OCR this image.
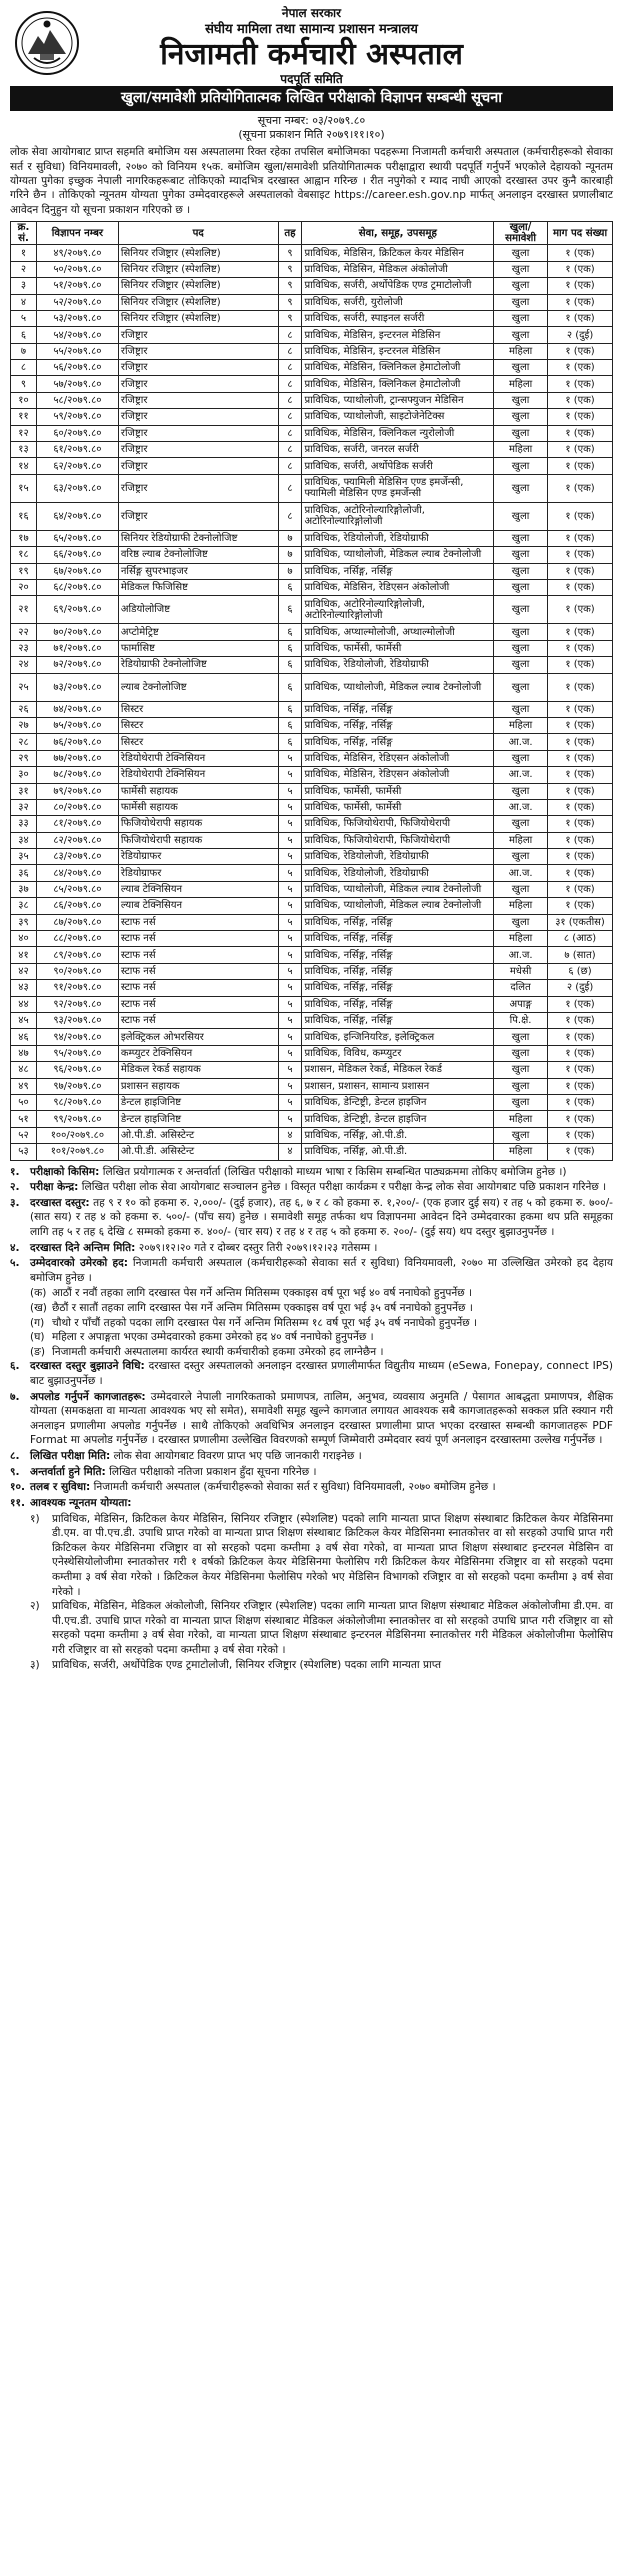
नेपाल सरकार
संघीय मामिला तथा सामान्य प्रशासन मन्त्रालय
निजामती कर्मचारी अस्पताल
पदपूर्ति समिति
खुला/समावेशी प्रतियोगितात्मक लिखित परीक्षाको विज्ञापन सम्बन्धी सूचना
सूचना नम्बर: ०३/२०७९.८०
(सूचना प्रकाशन मिति २०७९।११।१०)

लोक सेवा आयोगबाट प्राप्त सहमति बमोजिम यस अस्पतालमा रिक्त रहेका तपसिल बमोजिमका पदहरूमा निजामती कर्मचारी अस्पताल (कर्मचारीहरूको सेवाका सर्त र सुविधा) विनियमावली, २०७० को विनियम १५क. बमोजिम खुला/समावेशी प्रतियोगितात्मक परीक्षाद्वारा स्थायी पदपूर्ति गर्नुपर्ने भएकोले देहायको न्यूनतम योग्यता पुगेका इच्छुक नेपाली नागरिकहरूबाट तोकिएको म्यादभित्र दरखास्त आह्वान गरिन्छ । रीत नपुगेको र म्याद नाघी आएको दरखास्त उपर कुनै कारबाही गरिने छैन । तोकिएको न्यूनतम योग्यता पुगेका उम्मेदवारहरूले अस्पतालको वेबसाइट https://career.esh.gov.np मार्फत् अनलाइन दरखास्त प्रणालीबाट आवेदन दिनुहुन यो सूचना प्रकाशन गरिएको छ ।

क्र. सं.	विज्ञापन नम्बर	पद	तह	सेवा, समूह, उपसमूह	खुला/ समावेशी	माग पद संख्या
१	४९/२०७९.८०	सिनियर रजिष्ट्रार (स्पेशलिष्ट)	९	प्राविधिक, मेडिसिन, क्रिटिकल केयर मेडिसिन	खुला	१ (एक)
२	५०/२०७९.८०	सिनियर रजिष्ट्रार (स्पेशलिष्ट)	९	प्राविधिक, मेडिसिन, मेडिकल अंकोलोजी	खुला	१ (एक)
३	५१/२०७९.८०	सिनियर रजिष्ट्रार (स्पेशलिष्ट)	९	प्राविधिक, सर्जरी, अर्थोपेडिक एण्ड ट्रमाटोलोजी	खुला	१ (एक)
४	५२/२०७९.८०	सिनियर रजिष्ट्रार (स्पेशलिष्ट)	९	प्राविधिक, सर्जरी, युरोलोजी	खुला	१ (एक)
५	५३/२०७९.८०	सिनियर रजिष्ट्रार (स्पेशलिष्ट)	९	प्राविधिक, सर्जरी, स्पाइनल सर्जरी	खुला	१ (एक)
६	५४/२०७९.८०	रजिष्ट्रार	८	प्राविधिक, मेडिसिन, इन्टरनल मेडिसिन	खुला	२ (दुई)
७	५५/२०७९.८०	रजिष्ट्रार	८	प्राविधिक, मेडिसिन, इन्टरनल मेडिसिन	महिला	१ (एक)
८	५६/२०७९.८०	रजिष्ट्रार	८	प्राविधिक, मेडिसिन, क्लिनिकल हेमाटोलोजी	खुला	१ (एक)
९	५७/२०७९.८०	रजिष्ट्रार	८	प्राविधिक, मेडिसिन, क्लिनिकल हेमाटोलोजी	महिला	१ (एक)
१०	५८/२०७९.८०	रजिष्ट्रार	८	प्राविधिक, प्याथोलोजी, ट्रान्सफ्युजन मेडिसिन	खुला	१ (एक)
११	५९/२०७९.८०	रजिष्ट्रार	८	प्राविधिक, प्याथोलोजी, साइटोजेनेटिक्स	खुला	१ (एक)
१२	६०/२०७९.८०	रजिष्ट्रार	८	प्राविधिक, मेडिसिन, क्लिनिकल न्युरोलोजी	खुला	१ (एक)
१३	६१/२०७९.८०	रजिष्ट्रार	८	प्राविधिक, सर्जरी, जनरल सर्जरी	महिला	१ (एक)
१४	६२/२०७९.८०	रजिष्ट्रार	८	प्राविधिक, सर्जरी, अर्थोपेडिक सर्जरी	खुला	१ (एक)
१५	६३/२०७९.८०	रजिष्ट्रार	८	प्राविधिक, फ्यामिली मेडिसिन एण्ड इमर्जेन्सी, फ्यामिली मेडिसिन एण्ड इमर्जेन्सी	खुला	१ (एक)
१६	६४/२०७९.८०	रजिष्ट्रार	८	प्राविधिक, अटोरिनोल्यारिङ्गोलोजी, अटोरिनोल्यारिङ्गोलोजी	खुला	१ (एक)
१७	६५/२०७९.८०	सिनियर रेडियोग्राफी टेक्नोलोजिष्ट	७	प्राविधिक, रेडियोलोजी, रेडियोग्राफी	खुला	१ (एक)
१८	६६/२०७९.८०	वरिष्ठ ल्याब टेक्नोलोजिष्ट	७	प्राविधिक, प्याथोलोजी, मेडिकल ल्याब टेक्नोलोजी	खुला	१ (एक)
१९	६७/२०७९.८०	नर्सिङ्ग सुपरभाइजर	७	प्राविधिक, नर्सिङ्ग, नर्सिङ्ग	खुला	१ (एक)
२०	६८/२०७९.८०	मेडिकल फिजिसिष्ट	६	प्राविधिक, मेडिसिन, रेडिएसन अंकोलोजी	खुला	१ (एक)
२१	६९/२०७९.८०	अडियोलोजिष्ट	६	प्राविधिक, अटोरिनोल्यारिङ्गोलोजी, अटोरिनोल्यारिङ्गोलोजी	खुला	१ (एक)
२२	७०/२०७९.८०	अप्टोमेट्रिष्ट	६	प्राविधिक, अप्थाल्मोलोजी, अप्थाल्मोलोजी	खुला	१ (एक)
२३	७१/२०७९.८०	फार्मासिष्ट	६	प्राविधिक, फार्मेसी, फार्मेसी	खुला	१ (एक)
२४	७२/२०७९.८०	रेडियोग्राफी टेक्नोलोजिष्ट	६	प्राविधिक, रेडियोलोजी, रेडियोग्राफी	खुला	१ (एक)
२५	७३/२०७९.८०	ल्याब टेक्नोलोजिष्ट	६	प्राविधिक, प्याथोलोजी, मेडिकल ल्याब टेक्नोलोजी	खुला	१ (एक)
२६	७४/२०७९.८०	सिस्टर	६	प्राविधिक, नर्सिङ्ग, नर्सिङ्ग	खुला	१ (एक)
२७	७५/२०७९.८०	सिस्टर	६	प्राविधिक, नर्सिङ्ग, नर्सिङ्ग	महिला	१ (एक)
२८	७६/२०७९.८०	सिस्टर	६	प्राविधिक, नर्सिङ्ग, नर्सिङ्ग	आ.ज.	१ (एक)
२९	७७/२०७९.८०	रेडियोथेरापी टेक्निसियन	५	प्राविधिक, मेडिसिन, रेडिएसन अंकोलोजी	खुला	१ (एक)
३०	७८/२०७९.८०	रेडियोथेरापी टेक्निसियन	५	प्राविधिक, मेडिसिन, रेडिएसन अंकोलोजी	आ.ज.	१ (एक)
३१	७९/२०७९.८०	फार्मेसी सहायक	५	प्राविधिक, फार्मेसी, फार्मेसी	खुला	१ (एक)
३२	८०/२०७९.८०	फार्मेसी सहायक	५	प्राविधिक, फार्मेसी, फार्मेसी	आ.ज.	१ (एक)
३३	८१/२०७९.८०	फिजियोथेरापी सहायक	५	प्राविधिक, फिजियोथेरापी, फिजियोथेरापी	खुला	१ (एक)
३४	८२/२०७९.८०	फिजियोथेरापी सहायक	५	प्राविधिक, फिजियोथेरापी, फिजियोथेरापी	महिला	१ (एक)
३५	८३/२०७९.८०	रेडियोग्राफर	५	प्राविधिक, रेडियोलोजी, रेडियोग्राफी	खुला	१ (एक)
३६	८४/२०७९.८०	रेडियोग्राफर	५	प्राविधिक, रेडियोलोजी, रेडियोग्राफी	आ.ज.	१ (एक)
३७	८५/२०७९.८०	ल्याब टेक्निसियन	५	प्राविधिक, प्याथोलोजी, मेडिकल ल्याब टेक्नोलोजी	खुला	१ (एक)
३८	८६/२०७९.८०	ल्याब टेक्निसियन	५	प्राविधिक, प्याथोलोजी, मेडिकल ल्याब टेक्नोलोजी	महिला	१ (एक)
३९	८७/२०७९.८०	स्टाफ नर्स	५	प्राविधिक, नर्सिङ्ग, नर्सिङ्ग	खुला	३१ (एकतीस)
४०	८८/२०७९.८०	स्टाफ नर्स	५	प्राविधिक, नर्सिङ्ग, नर्सिङ्ग	महिला	८ (आठ)
४१	८९/२०७९.८०	स्टाफ नर्स	५	प्राविधिक, नर्सिङ्ग, नर्सिङ्ग	आ.ज.	७ (सात)
४२	९०/२०७९.८०	स्टाफ नर्स	५	प्राविधिक, नर्सिङ्ग, नर्सिङ्ग	मधेसी	६ (छ)
४३	९१/२०७९.८०	स्टाफ नर्स	५	प्राविधिक, नर्सिङ्ग, नर्सिङ्ग	दलित	२ (दुई)
४४	९२/२०७९.८०	स्टाफ नर्स	५	प्राविधिक, नर्सिङ्ग, नर्सिङ्ग	अपाङ्ग	१ (एक)
४५	९३/२०७९.८०	स्टाफ नर्स	५	प्राविधिक, नर्सिङ्ग, नर्सिङ्ग	पि.क्षे.	१ (एक)
४६	९४/२०७९.८०	इलेक्ट्रिकल ओभरसियर	५	प्राविधिक, इन्जिनियरिङ, इलेक्ट्रिकल	खुला	१ (एक)
४७	९५/२०७९.८०	कम्प्युटर टेक्निसियन	५	प्राविधिक, विविध, कम्प्युटर	खुला	१ (एक)
४८	९६/२०७९.८०	मेडिकल रेकर्ड सहायक	५	प्रशासन, मेडिकल रेकर्ड, मेडिकल रेकर्ड	खुला	१ (एक)
४९	९७/२०७९.८०	प्रशासन सहायक	५	प्रशासन, प्रशासन, सामान्य प्रशासन	खुला	१ (एक)
५०	९८/२०७९.८०	डेन्टल हाइजिनिष्ट	५	प्राविधिक, डेन्टिष्ट्री, डेन्टल हाइजिन	खुला	१ (एक)
५१	९९/२०७९.८०	डेन्टल हाइजिनिष्ट	५	प्राविधिक, डेन्टिष्ट्री, डेन्टल हाइजिन	महिला	१ (एक)
५२	१००/२०७९.८०	ओ.पी.डी. असिस्टेन्ट	४	प्राविधिक, नर्सिङ्ग, ओ.पी.डी.	खुला	१ (एक)
५३	१०१/२०७९.८०	ओ.पी.डी. असिस्टेन्ट	४	प्राविधिक, नर्सिङ्ग, ओ.पी.डी.	महिला	१ (एक)
१. परीक्षाको किसिम: लिखित प्रयोगात्मक र अन्तर्वार्ता (लिखित परीक्षाको माध्यम भाषा र किसिम सम्बन्धित पाठ्यक्रममा तोकिए बमोजिम हुनेछ ।)
२. परीक्षा केन्द्र: लिखित परीक्षा लोक सेवा आयोगबाट सञ्चालन हुनेछ । विस्तृत परीक्षा कार्यक्रम र परीक्षा केन्द्र लोक सेवा आयोगबाट पछि प्रकाशन गरिनेछ ।
३. दरखास्त दस्तुर: तह ९ र १० को हकमा रु. २,०००/- (दुई हजार), तह ६, ७ र ८ को हकमा रु. १,२००/- (एक हजार दुई सय) र तह ५ को हकमा रु. ७००/- (सात सय) र तह ४ को हकमा रु. ५००/- (पाँच सय) हुनेछ । समावेशी समूह तर्फका थप विज्ञापनमा आवेदन दिने उम्मेदवारका हकमा थप प्रति समूहका लागि तह ५ र तह ६ देखि ८ सम्मको हकमा रु. ४००/- (चार सय) र तह ४ र तह ५ को हकमा रु. २००/- (दुई सय) थप दस्तुर बुझाउनुपर्नेछ ।
४. दरखास्त दिने अन्तिम मिति: २०७९।१२।२० गते र दोब्बर दस्तुर तिरी २०७९।१२।२३ गतेसम्म ।
५. उम्मेदवारको उमेरको हद: निजामती कर्मचारी अस्पताल (कर्मचारीहरूको सेवाका सर्त र सुविधा) विनियमावली, २०७० मा उल्लिखित उमेरको हद देहाय बमोजिम हुनेछ ।
(क) आठौं र नवौं तहका लागि दरखास्त पेस गर्ने अन्तिम मितिसम्म एक्काइस वर्ष पूरा भई ४० वर्ष ननाघेको हुनुपर्नेछ ।
(ख) छैठौं र सातौं तहका लागि दरखास्त पेस गर्ने अन्तिम मितिसम्म एक्काइस वर्ष पूरा भई ३५ वर्ष ननाघेको हुनुपर्नेछ ।
(ग) चौथो र पाँचौं तहको पदका लागि दरखास्त पेस गर्ने अन्तिम मितिसम्म १८ वर्ष पूरा भई ३५ वर्ष ननाघेको हुनुपर्नेछ ।
(घ) महिला र अपाङ्गता भएका उम्मेदवारको हकमा उमेरको हद ४० वर्ष ननाघेको हुनुपर्नेछ ।
(ङ) निजामती कर्मचारी अस्पतालमा कार्यरत स्थायी कर्मचारीको हकमा उमेरको हद लाग्नेछैन ।
६. दरखास्त दस्तुर बुझाउने विधि: दरखास्त दस्तुर अस्पतालको अनलाइन दरखास्त प्रणालीमार्फत विद्युतीय माध्यम (eSewa, Fonepay, connect IPS) बाट बुझाउनुपर्नेछ ।
७. अपलोड गर्नुपर्ने कागजातहरू: उम्मेदवारले नेपाली नागरिकताको प्रमाणपत्र, तालिम, अनुभव, व्यवसाय अनुमति / पेसागत आबद्धता प्रमाणपत्र, शैक्षिक योग्यता (समकक्षता वा मान्यता आवश्यक भए सो समेत), समावेशी समूह खुल्ने कागजात लगायत आवश्यक सबै कागजातहरूको सक्कल प्रति स्क्यान गरी अनलाइन प्रणालीमा अपलोड गर्नुपर्नेछ । साथै तोकिएको अवधिभित्र अनलाइन दरखास्त प्रणालीमा प्राप्त भएका दरखास्त सम्बन्धी कागजातहरू PDF Format मा अपलोड गर्नुपर्नेछ । दरखास्त प्रणालीमा उल्लेखित विवरणको सम्पूर्ण जिम्मेवारी उम्मेदवार स्वयं पूर्ण अनलाइन दरखास्तमा उल्लेख गर्नुपर्नेछ ।
८. लिखित परीक्षा मिति: लोक सेवा आयोगबाट विवरण प्राप्त भए पछि जानकारी गराइनेछ ।
९. अन्तर्वार्ता हुने मिति: लिखित परीक्षाको नतिजा प्रकाशन हुँदा सूचना गरिनेछ ।
१०. तलब र सुविधा: निजामती कर्मचारी अस्पताल (कर्मचारीहरूको सेवाका सर्त र सुविधा) विनियमावली, २०७० बमोजिम हुनेछ ।
११. आवश्यक न्यूनतम योग्यता:
१)	प्राविधिक, मेडिसिन, क्रिटिकल केयर मेडिसिन, सिनियर रजिष्ट्रार (स्पेशलिष्ट) पदको लागि मान्यता प्राप्त शिक्षण संस्थाबाट क्रिटिकल केयर मेडिसिनमा डी.एम. वा पी.एच.डी. उपाधि प्राप्त गरेको वा मान्यता प्राप्त शिक्षण संस्थाबाट क्रिटिकल केयर मेडिसिनमा स्नातकोत्तर वा सो सरहको उपाधि प्राप्त गरी क्रिटिकल केयर मेडिसिनमा रजिष्ट्रार वा सो सरहको पदमा कम्तीमा ३ वर्ष सेवा गरेको, वा मान्यता प्राप्त शिक्षण संस्थाबाट इन्टरनल मेडिसिन वा एनेस्थेसियोलोजीमा स्नातकोत्तर गरी १ वर्षको क्रिटिकल केयर मेडिसिनमा फेलोसिप गरी क्रिटिकल केयर मेडिसिनमा रजिष्ट्रार वा सो सरहको पदमा कम्तीमा ३ वर्ष सेवा गरेको । क्रिटिकल केयर मेडिसिनमा फेलोसिप गरेको भए मेडिसिन विभागको रजिष्ट्रार वा सो सरहको पदमा कम्तीमा ३ वर्ष सेवा गरेको ।
२)	प्राविधिक, मेडिसिन, मेडिकल अंकोलोजी, सिनियर रजिष्ट्रार (स्पेशलिष्ट) पदका लागि मान्यता प्राप्त शिक्षण संस्थाबाट मेडिकल अंकोलोजीमा डी.एम. वा पी.एच.डी. उपाधि प्राप्त गरेको वा मान्यता प्राप्त शिक्षण संस्थाबाट मेडिकल अंकोलोजीमा स्नातकोत्तर वा सो सरहको उपाधि प्राप्त गरी रजिष्ट्रार वा सो सरहको पदमा कम्तीमा ३ वर्ष सेवा गरेको, वा मान्यता प्राप्त शिक्षण संस्थाबाट इन्टरनल मेडिसिनमा स्नातकोत्तर गरी मेडिकल अंकोलोजीमा फेलोसिप गरी रजिष्ट्रार वा सो सरहको पदमा कम्तीमा ३ वर्ष सेवा गरेको ।
३)	प्राविधिक, सर्जरी, अर्थोपेडिक एण्ड ट्रमाटोलोजी, सिनियर रजिष्ट्रार (स्पेशलिष्ट) पदका लागि मान्यता प्राप्त
